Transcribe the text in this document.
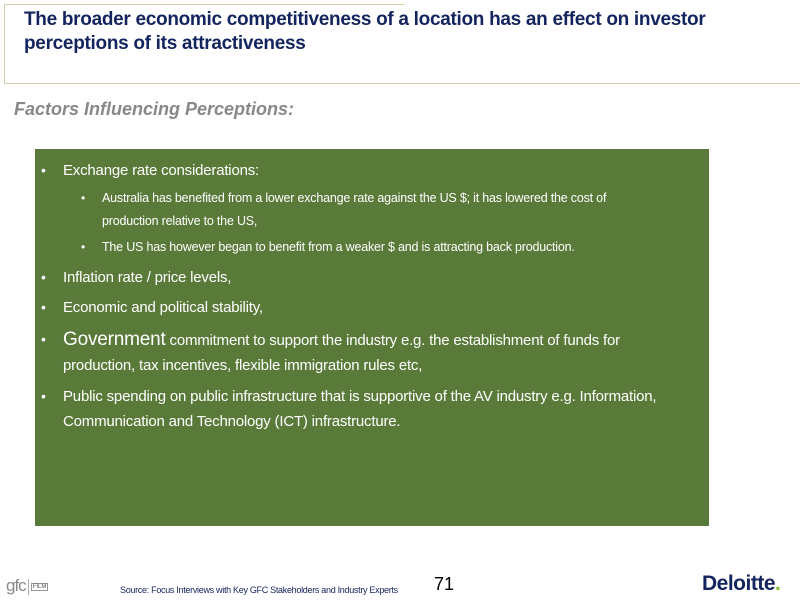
The broader economic competitiveness of a location has an effect on investor perceptions of its attractiveness
Factors Influencing Perceptions:
• Exchange rate considerations:
• Australia has benefited from a lower exchange rate against the US $; it has lowered the cost of production relative to the US,
• The US has however began to benefit from a weaker $ and is attracting back production.
• Inflation rate / price levels,
• Economic and political stability,
• Government commitment to support the industry e.g. the establishment of funds for production, tax incentives, flexible immigration rules etc,
• Public spending on public infrastructure that is supportive of the AV industry e.g. Information, Communication and Technology (ICT) infrastructure.
gfc FILM	Source: Focus Interviews with Key GFC Stakeholders and Industry Experts 71	Deloitte.
